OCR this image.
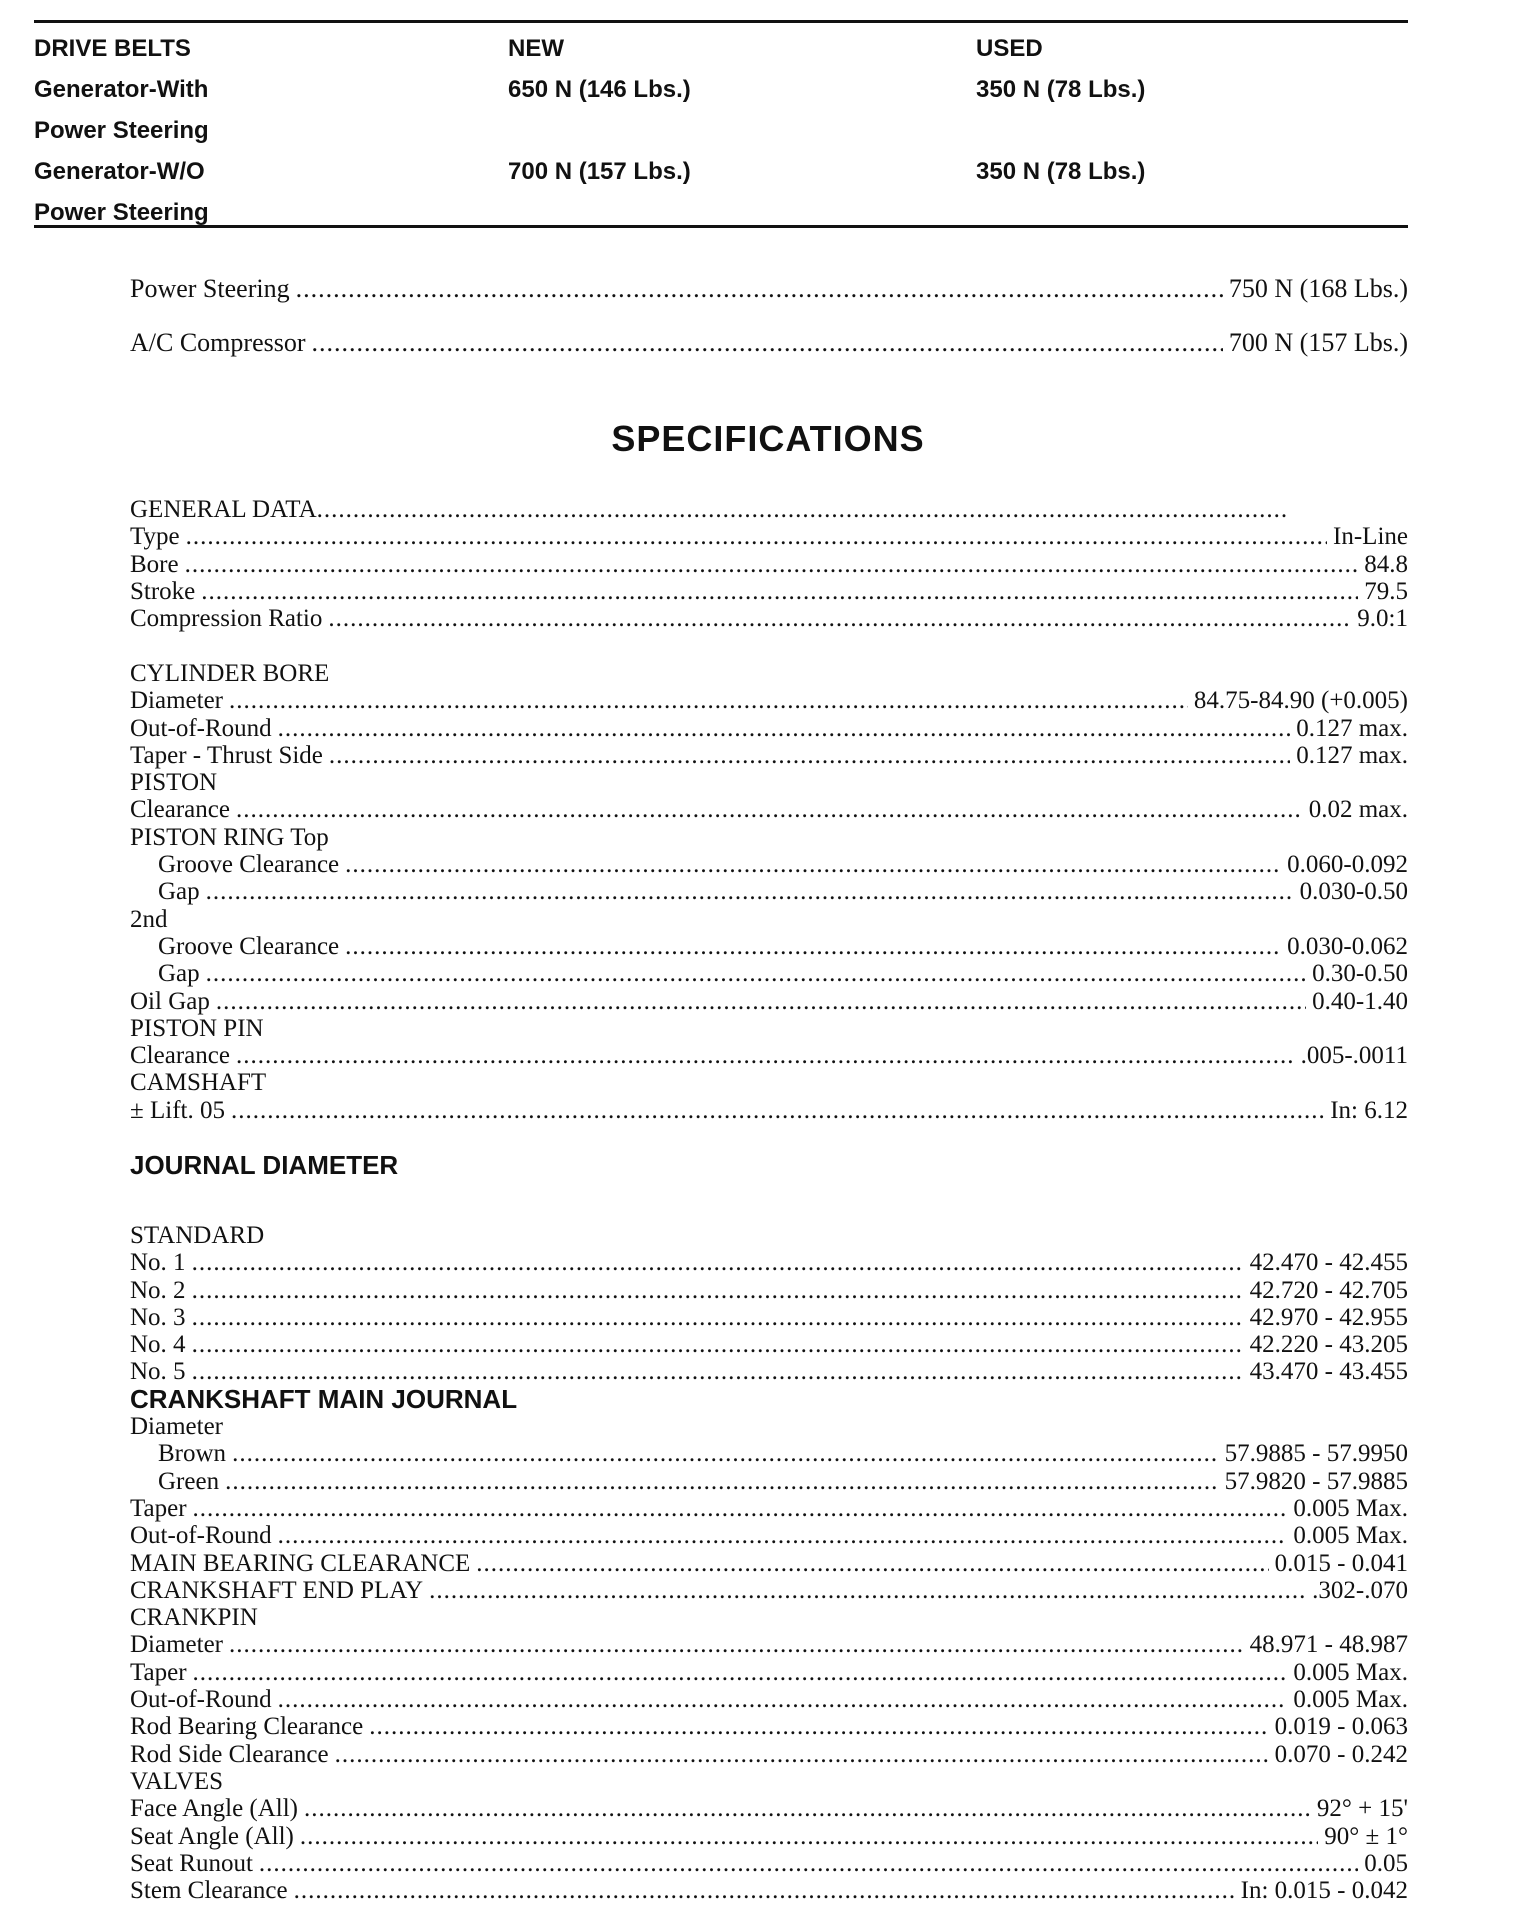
DRIVE BELTS	NEW	USED
Generator-With	650 N (146 Lbs.)	350 N (78 Lbs.)
Power Steering
Generator-W/O	700 N (157 Lbs.)	350 N (78 Lbs.)
Power Steering
Power Steering .....	750 N (168 Lbs.)
A/C Compressor .....	700 N (157 Lbs.)
SPECIFICATIONS
GENERAL DATA
.....
Type .....	In-Line
Bore .....	84.8
Stroke .....	79.5
Compression Ratio .....	9.0:1
CYLINDER BORE
Diameter .....	84.75-84.90 (+0.005)
Out-of-Round .....	0.127 max.
Taper - Thrust Side .....	0.127 max.
PISTON
Clearance .....	0.02 max.
PISTON RING Top
Groove Clearance .....	0.060-0.092
Gap .....	0.030-0.50
2nd
Groove Clearance .....	0.030-0.062
Gap .....	0.30-0.50
Oil Gap .....	0.40-1.40
PISTON PIN
Clearance .....	.005-.0011
CAMSHAFT
± Lift. 05 .....	In: 6.12
JOURNAL DIAMETER
STANDARD
No. 1 .....	42.470 - 42.455
No. 2 .....	42.720 - 42.705
No. 3 .....	42.970 - 42.955
No. 4 .....	42.220 - 43.205
No. 5 .....	43.470 - 43.455
CRANKSHAFT MAIN JOURNAL
Diameter
Brown .....	57.9885 - 57.9950
Green .....	57.9820 - 57.9885
Taper .....	0.005 Max.
Out-of-Round .....	0.005 Max.
MAIN BEARING CLEARANCE .....	0.015 - 0.041
CRANKSHAFT END PLAY .....	.302-.070
CRANKPIN
Diameter .....	48.971 - 48.987
Taper .....	0.005 Max.
Out-of-Round .....	0.005 Max.
Rod Bearing Clearance .....	0.019 - 0.063
Rod Side Clearance .....	0.070 - 0.242
VALVES
Face Angle (All) .....	92° + 15'
Seat Angle (All) .....	90° ± 1°
Seat Runout .....	0.05
Stem Clearance .....	In: 0.015 - 0.042
